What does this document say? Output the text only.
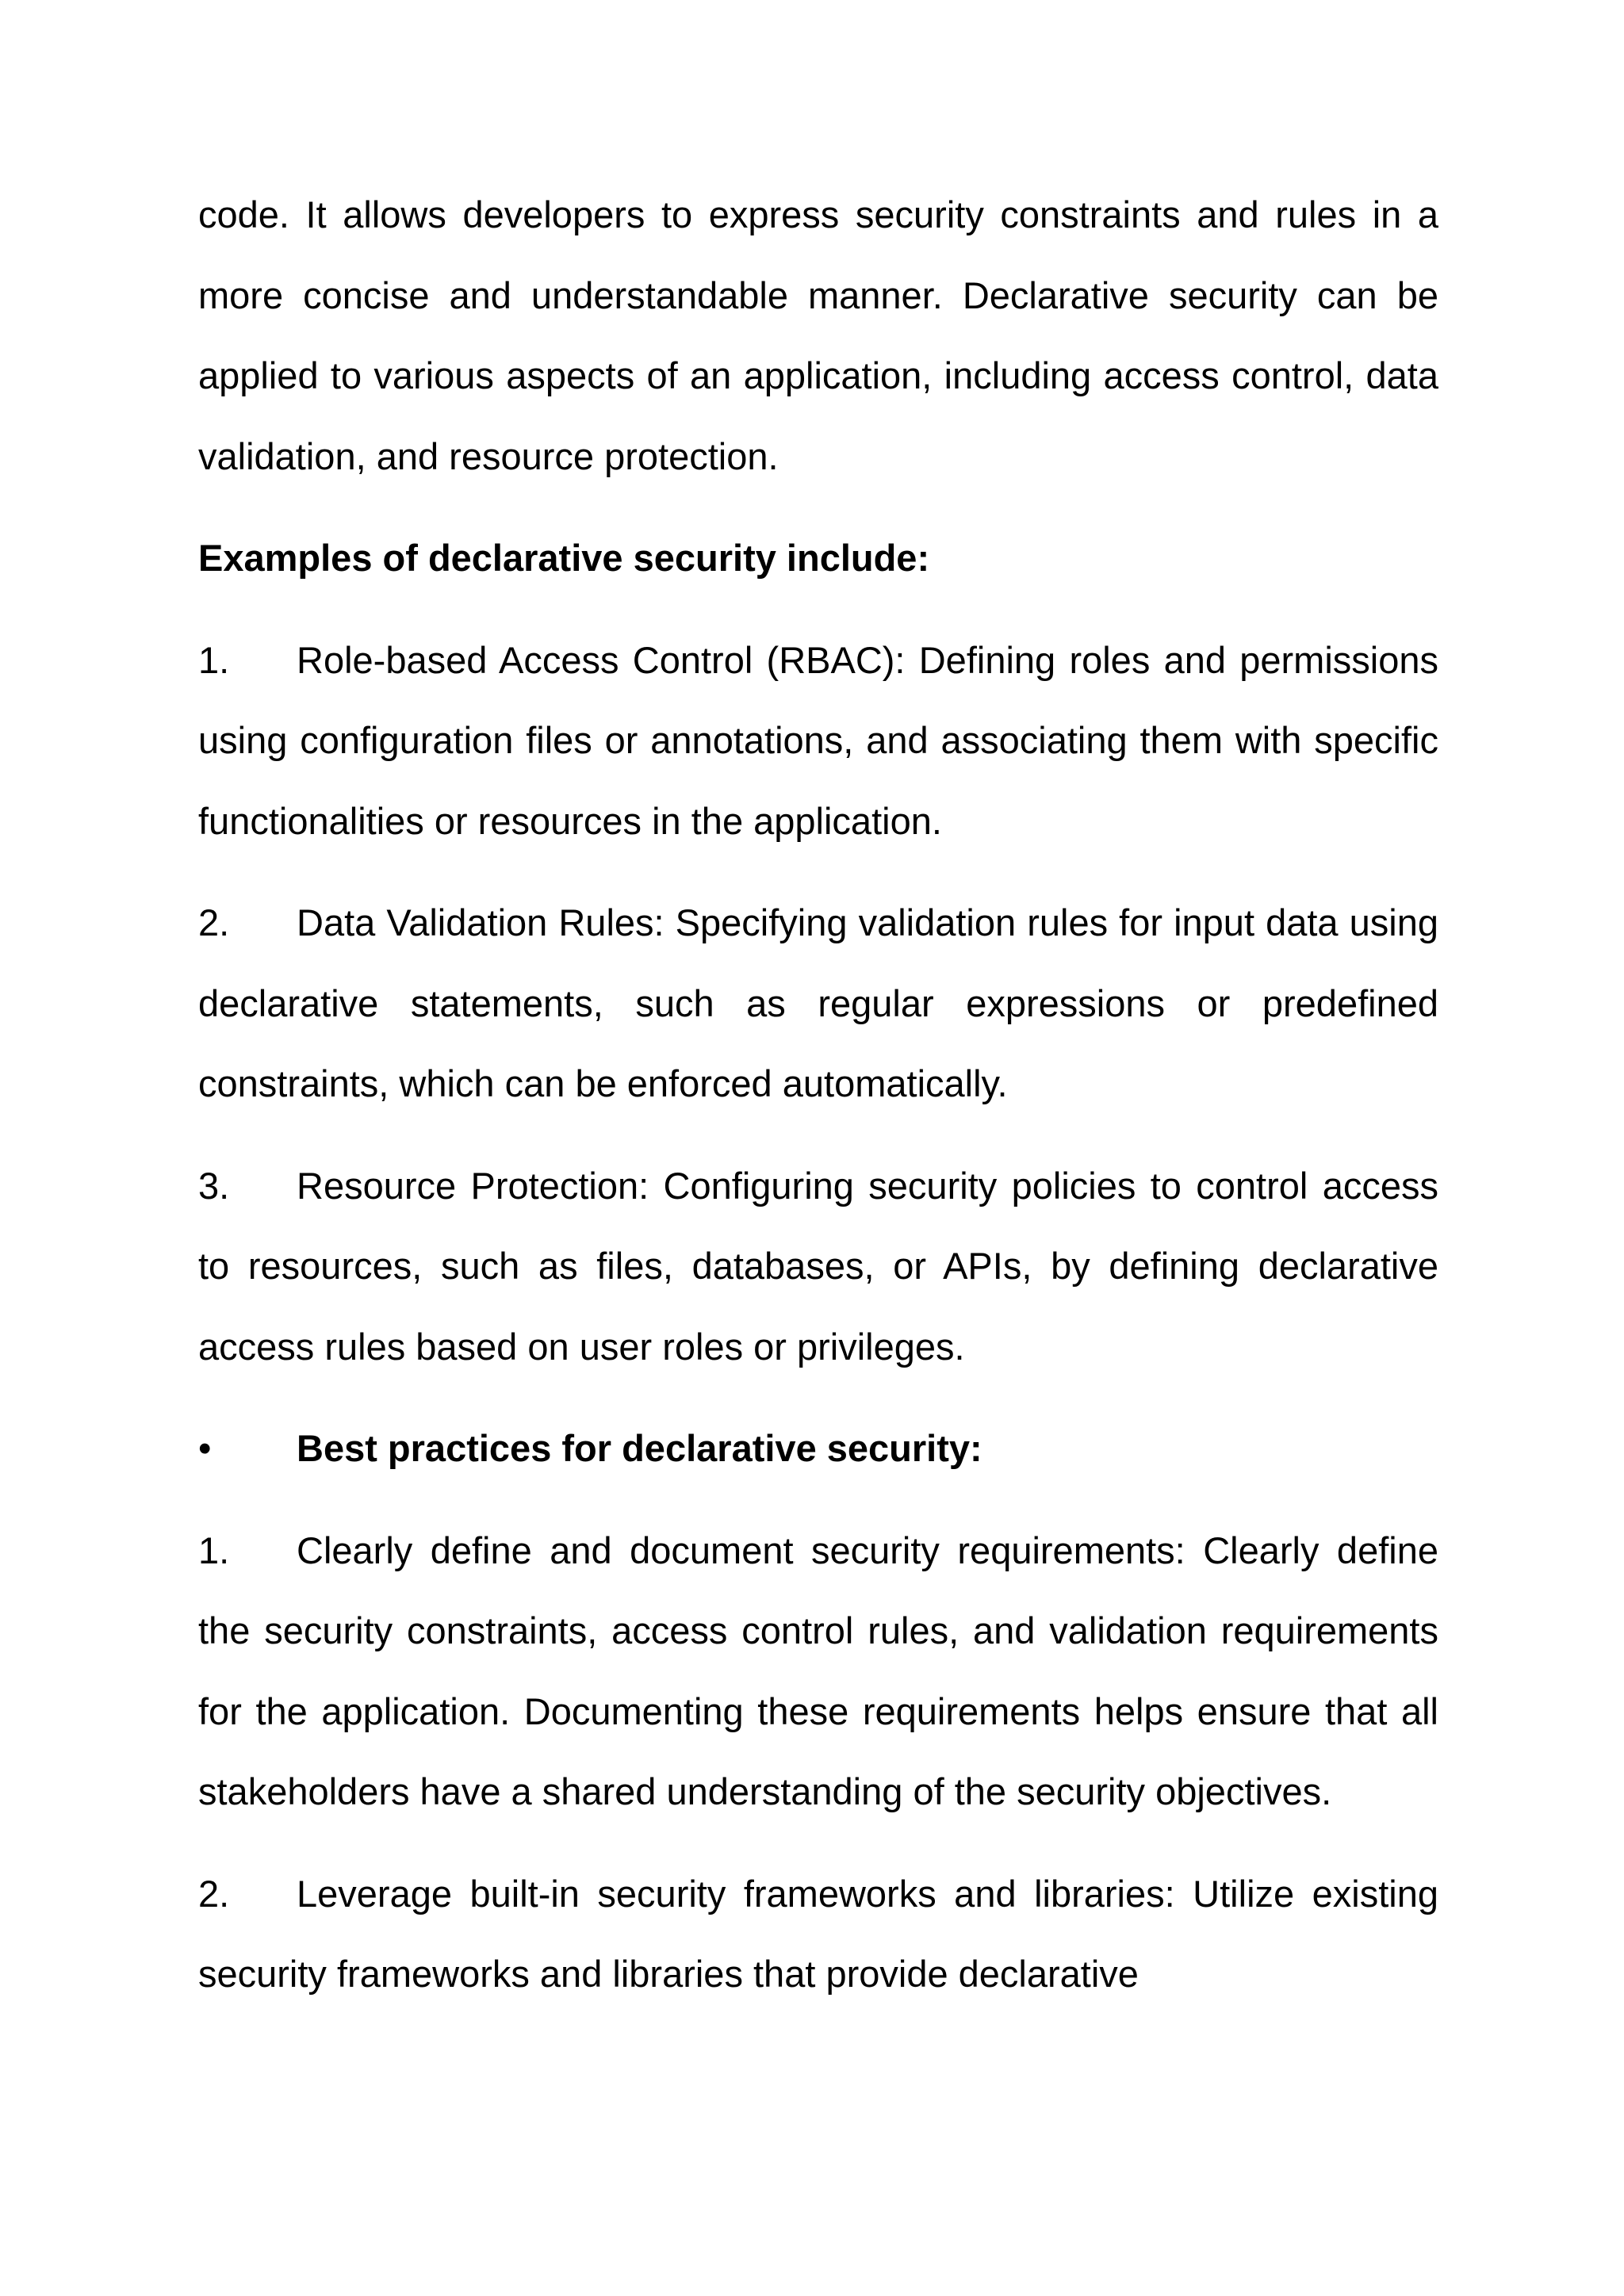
code. It allows developers to express security constraints and rules in a more concise and understandable manner. Declarative security can be applied to various aspects of an application, including access control, data validation, and resource protection.

Examples of declarative security include:

1. Role-based Access Control (RBAC): Defining roles and permissions using configuration files or annotations, and associating them with specific functionalities or resources in the application.

2. Data Validation Rules: Specifying validation rules for input data using declarative statements, such as regular expressions or predefined constraints, which can be enforced automatically.

3. Resource Protection: Configuring security policies to control access to resources, such as files, databases, or APIs, by defining declarative access rules based on user roles or privileges.

• Best practices for declarative security:

1. Clearly define and document security requirements: Clearly define the security constraints, access control rules, and validation requirements for the application. Documenting these requirements helps ensure that all stakeholders have a shared understanding of the security objectives.

2. Leverage built-in security frameworks and libraries: Utilize existing security frameworks and libraries that provide declarative
